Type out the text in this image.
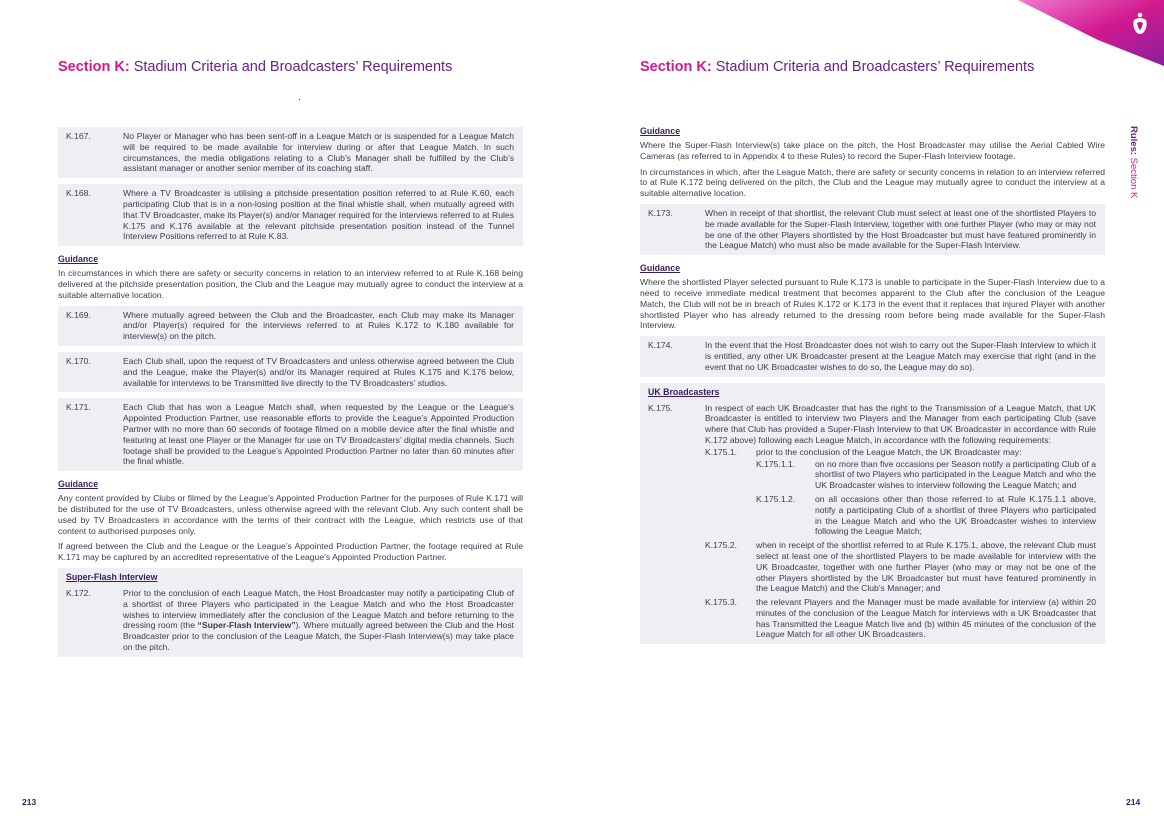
Section K: Stadium Criteria and Broadcasters’ Requirements
K.167.	No Player or Manager who has been sent-off in a League Match or is suspended for a League Match will be required to be made available for interview during or after that League Match. In such circumstances, the media obligations relating to a Club’s Manager shall be fulfilled by the Club’s assistant manager or another senior member of its coaching staff.
K.168.	Where a TV Broadcaster is utilising a pitchside presentation position referred to at Rule K.60, each participating Club that is in a non-losing position at the final whistle shall, when mutually agreed with that TV Broadcaster, make its Player(s) and/or Manager required for the interviews referred to at Rules K.175 and K.176 available at the relevant pitchside presentation position instead of the Tunnel Interview Positions referred to at Rule K.83.
Guidance
In circumstances in which there are safety or security concerns in relation to an interview referred to at Rule K.168 being delivered at the pitchside presentation position, the Club and the League may mutually agree to conduct the interview at a suitable alternative location.
K.169.	Where mutually agreed between the Club and the Broadcaster, each Club may make its Manager and/or Player(s) required for the interviews referred to at Rules K.172 to K.180 available for interview(s) on the pitch.
K.170.	Each Club shall, upon the request of TV Broadcasters and unless otherwise agreed between the Club and the League, make the Player(s) and/or its Manager required at Rules K.175 and K.176 below, available for interviews to be Transmitted live directly to the TV Broadcasters’ studios.
K.171.	Each Club that has won a League Match shall, when requested by the League or the League’s Appointed Production Partner, use reasonable efforts to provide the League’s Appointed Production Partner with no more than 60 seconds of footage filmed on a mobile device after the final whistle and featuring at least one Player or the Manager for use on TV Broadcasters’ digital media channels. Such footage shall be provided to the League’s Appointed Production Partner no later than 60 minutes after the final whistle.
Guidance
Any content provided by Clubs or filmed by the League’s Appointed Production Partner for the purposes of Rule K.171 will be distributed for the use of TV Broadcasters, unless otherwise agreed with the relevant Club. Any such content shall be used by TV Broadcasters in accordance with the terms of their contract with the League, which restricts use of that content to authorised purposes only.
If agreed between the Club and the League or the League’s Appointed Production Partner, the footage required at Rule K.171 may be captured by an accredited representative of the League’s Appointed Production Partner.
Super-Flash Interview
K.172.	Prior to the conclusion of each League Match, the Host Broadcaster may notify a participating Club of a shortlist of three Players who participated in the League Match and who the Host Broadcaster wishes to interview immediately after the conclusion of the League Match and before returning to the dressing room (the “Super-Flash Interview”). Where mutually agreed between the Club and the Host Broadcaster prior to the conclusion of the League Match, the Super-Flash Interview(s) may take place on the pitch.
213
Section K: Stadium Criteria and Broadcasters’ Requirements
Rules: Section K
Guidance
Where the Super-Flash Interview(s) take place on the pitch, the Host Broadcaster may utilise the Aerial Cabled Wire Cameras (as referred to in Appendix 4 to these Rules) to record the Super-Flash Interview footage.
In circumstances in which, after the League Match, there are safety or security concerns in relation to an interview referred to at Rule K.172 being delivered on the pitch, the Club and the League may mutually agree to conduct the interview at a suitable alternative location.
K.173.	When in receipt of that shortlist, the relevant Club must select at least one of the shortlisted Players to be made available for the Super-Flash Interview, together with one further Player (who may or may not be one of the other Players shortlisted by the Host Broadcaster but must have featured prominently in the League Match) who must also be made available for the Super-Flash Interview.
Guidance
Where the shortlisted Player selected pursuant to Rule K.173 is unable to participate in the Super-Flash Interview due to a need to receive immediate medical treatment that becomes apparent to the Club after the conclusion of the League Match, the Club will not be in breach of Rules K.172 or K.173 in the event that it replaces that injured Player with another shortlisted Player who has already returned to the dressing room before being made available for the Super-Flash Interview.
K.174.	In the event that the Host Broadcaster does not wish to carry out the Super-Flash Interview to which it is entitled, any other UK Broadcaster present at the League Match may exercise that right (and in the event that no UK Broadcaster wishes to do so, the League may do so).
UK Broadcasters
K.175.	In respect of each UK Broadcaster that has the right to the Transmission of a League Match, that UK Broadcaster is entitled to interview two Players and the Manager from each participating Club (save where that Club has provided a Super-Flash Interview to that UK Broadcaster in accordance with Rule K.172 above) following each League Match, in accordance with the following requirements:
K.175.1.	prior to the conclusion of the League Match, the UK Broadcaster may:
K.175.1.1.	on no more than five occasions per Season notify a participating Club of a shortlist of two Players who participated in the League Match and who the UK Broadcaster wishes to interview following the League Match; and
K.175.1.2.	on all occasions other than those referred to at Rule K.175.1.1 above, notify a participating Club of a shortlist of three Players who participated in the League Match and who the UK Broadcaster wishes to interview following the League Match;
K.175.2.	when in receipt of the shortlist referred to at Rule K.175.1, above, the relevant Club must select at least one of the shortlisted Players to be made available for interview with the UK Broadcaster, together with one further Player (who may or may not be one of the other Players shortlisted by the UK Broadcaster but must have featured prominently in the League Match) and the Club’s Manager; and
K.175.3.	the relevant Players and the Manager must be made available for interview (a) within 20 minutes of the conclusion of the League Match for interviews with a UK Broadcaster that has Transmitted the League Match live and (b) within 45 minutes of the conclusion of the League Match for all other UK Broadcasters.
214
